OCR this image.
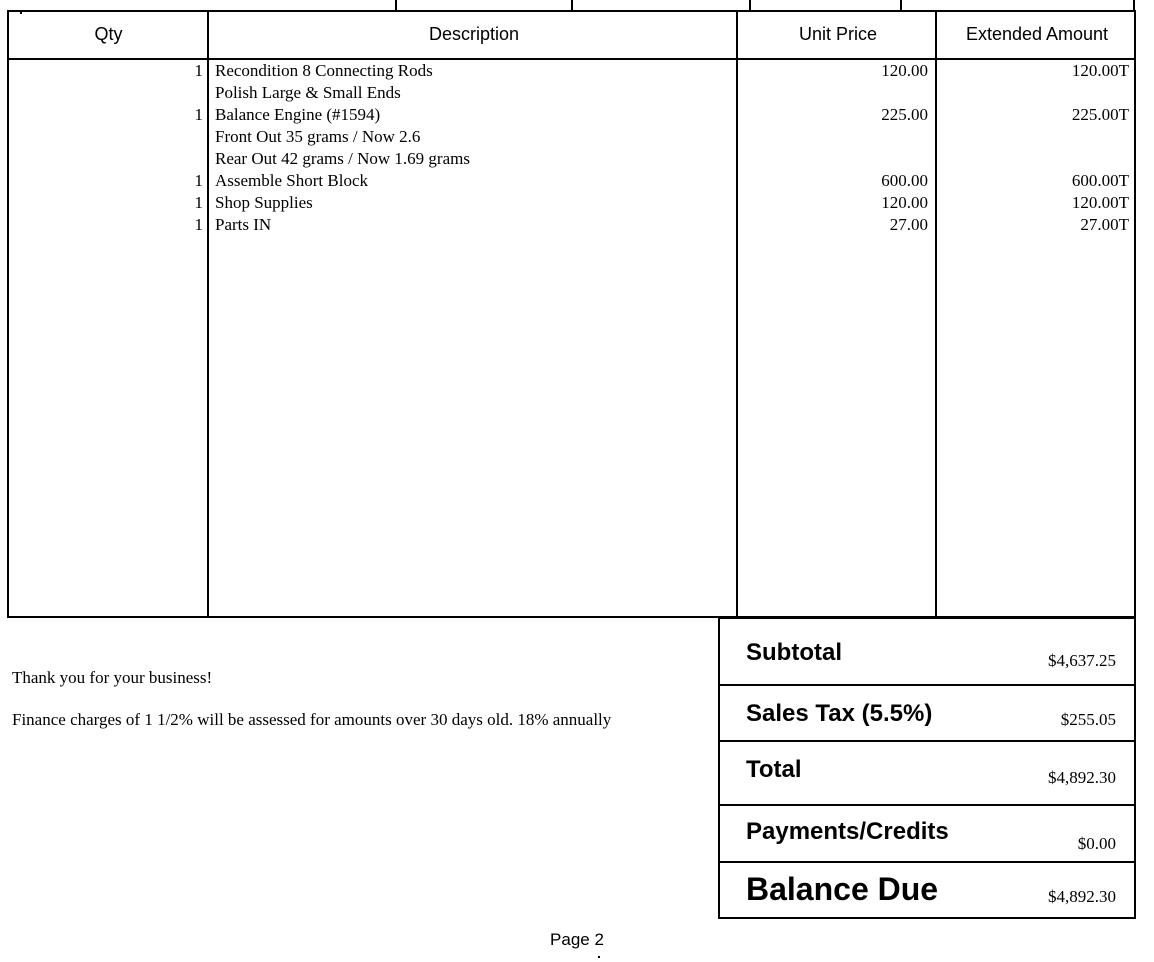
Qty	Description	Unit Price	Extended Amount
1 Recondition 8 Connecting Rods	120.00	120.00T
Polish Large & Small Ends
1 Balance Engine (#1594)	225.00	225.00T
Front Out 35 grams / Now 2.6
Rear Out 42 grams / Now 1.69 grams
1 Assemble Short Block	600.00	600.00T
1 Shop Supplies	120.00	120.00T
1 Parts IN	27.00	27.00T
Thank you for your business!
Finance charges of 1 1/2% will be assessed for amounts over 30 days old. 18% annually
Subtotal	$4,637.25
Sales Tax (5.5%)	$255.05
Total	$4,892.30
Payments/Credits	$0.00
Balance Due	$4,892.30
Page 2
